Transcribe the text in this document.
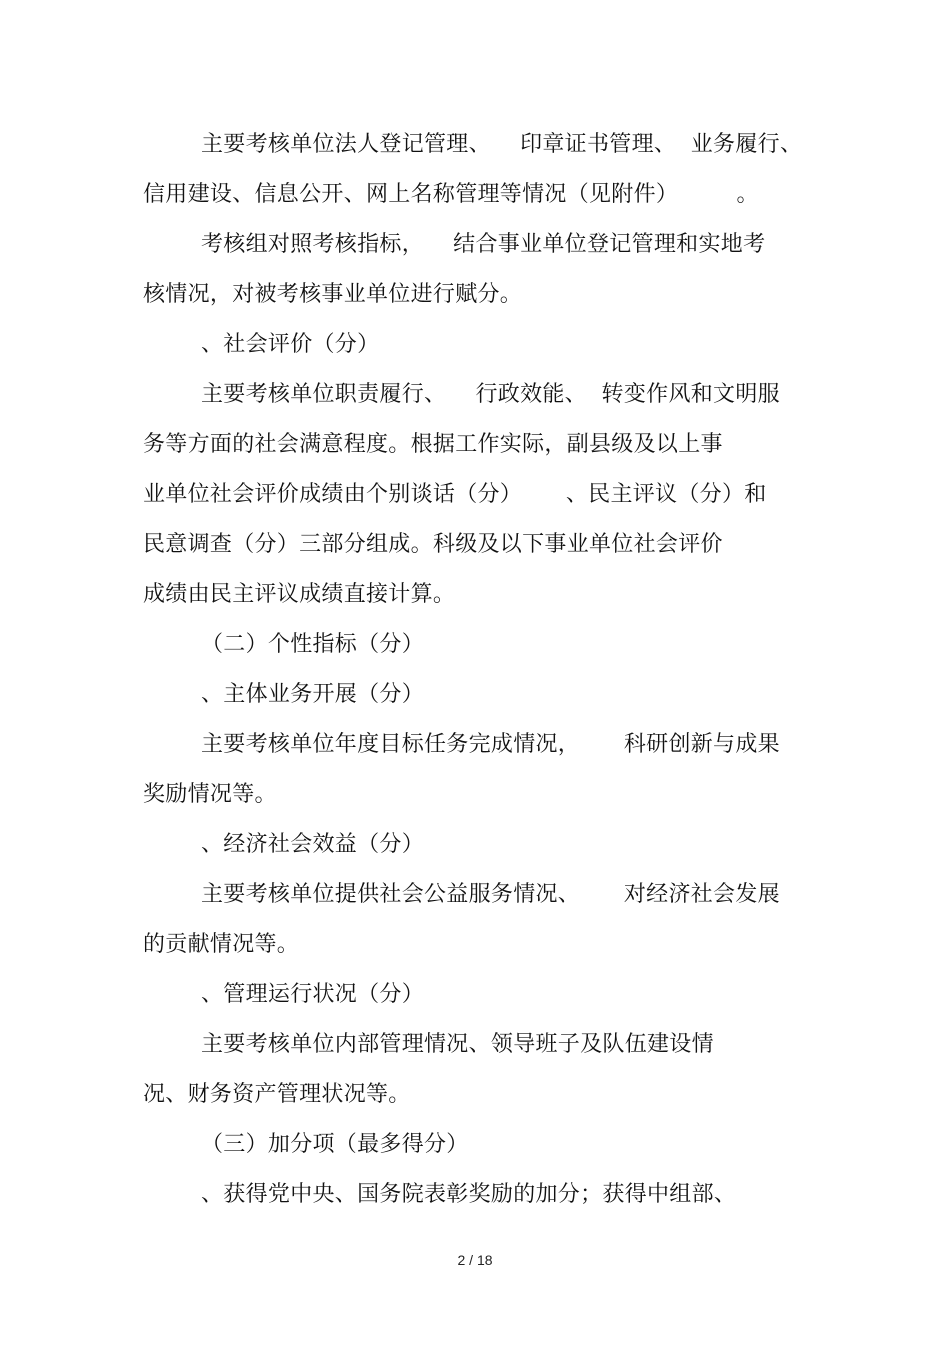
主要考核单位法人登记管理、    印章证书管理、  业务履行、
信用建设、信息公开、网上名称管理等情况（见附件）        。
考核组对照考核指标，    结合事业单位登记管理和实地考
核情况，对被考核事业单位进行赋分。
、社会评价（分）
主要考核单位职责履行、    行政效能、  转变作风和文明服
务等方面的社会满意程度。根据工作实际，副县级及以上事
业单位社会评价成绩由个别谈话（分）      、民主评议（分）和
民意调查（分）三部分组成。科级及以下事业单位社会评价
成绩由民主评议成绩直接计算。
（二）个性指标（分）
、主体业务开展（分）
主要考核单位年度目标任务完成情况，      科研创新与成果
奖励情况等。
、经济社会效益（分）
主要考核单位提供社会公益服务情况、      对经济社会发展
的贡献情况等。
、管理运行状况（分）
主要考核单位内部管理情况、领导班子及队伍建设情
况、财务资产管理状况等。
（三）加分项（最多得分）
、获得党中央、国务院表彰奖励的加分；获得中组部、
2 / 18
